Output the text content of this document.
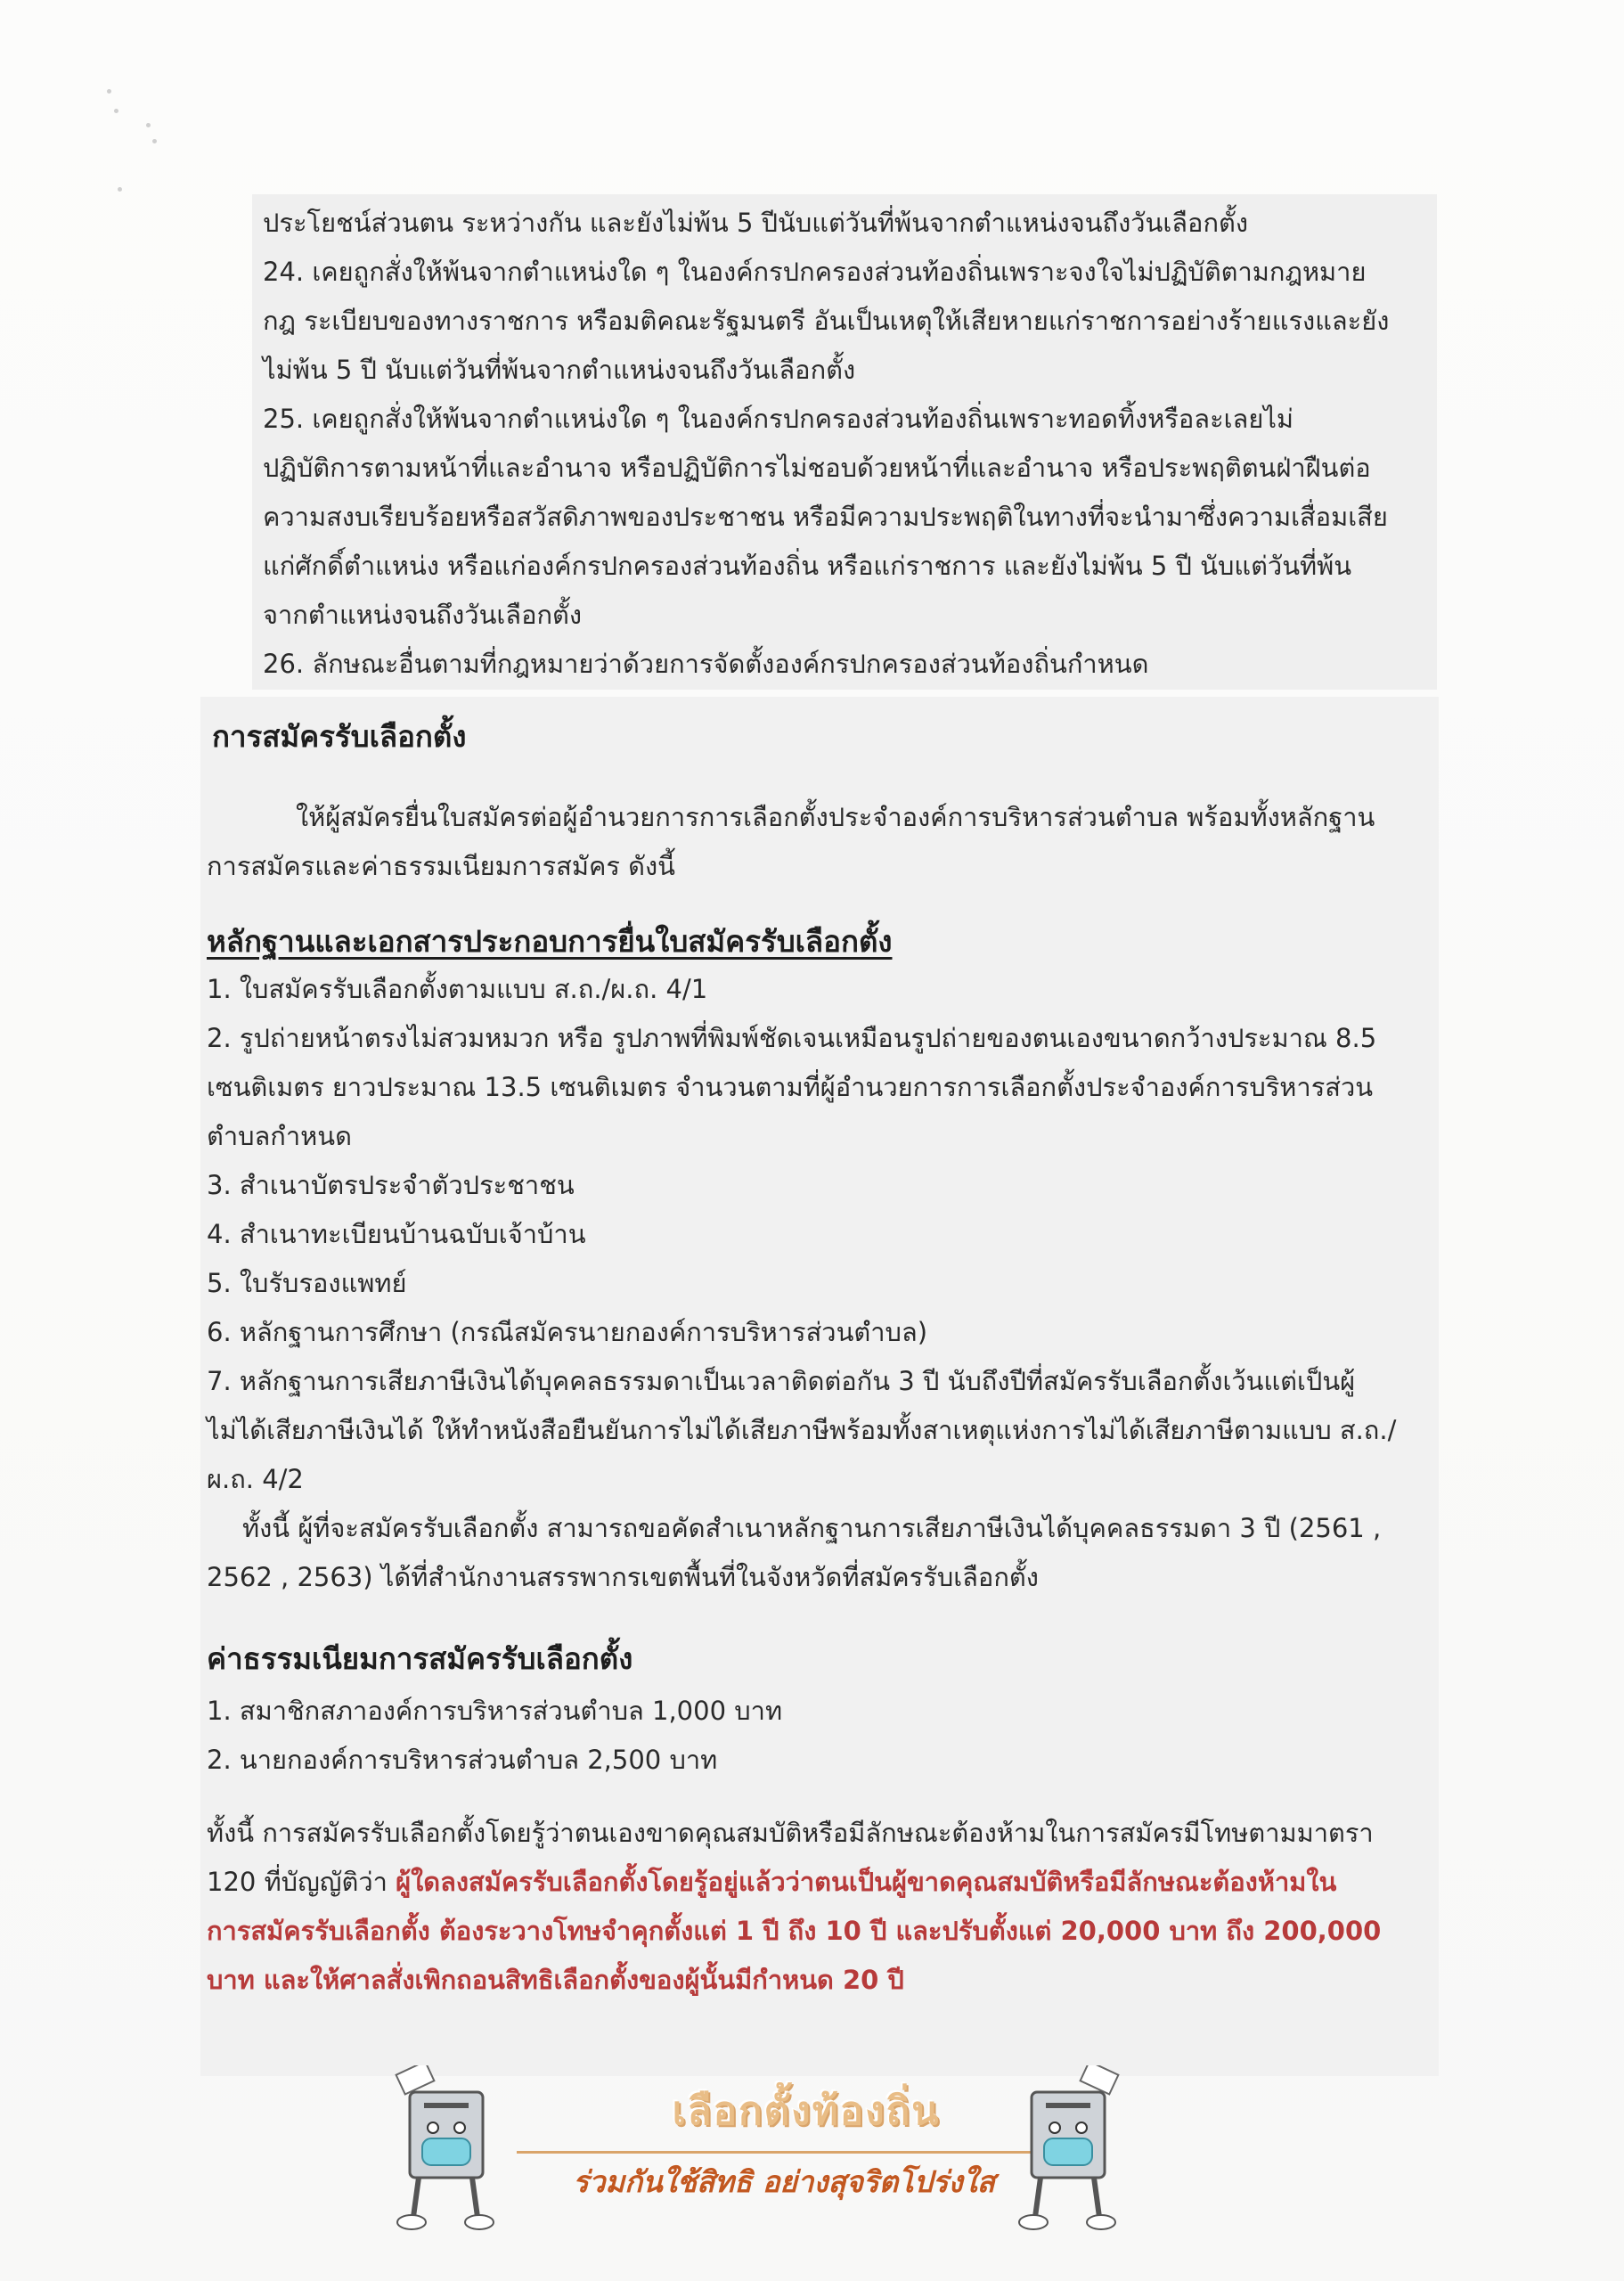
ประโยชน์ส่วนตน ระหว่างกัน และยังไม่พ้น 5 ปีนับแต่วันที่พ้นจากตำแหน่งจนถึงวันเลือกตั้ง
24. เคยถูกสั่งให้พ้นจากตำแหน่งใด ๆ ในองค์กรปกครองส่วนท้องถิ่นเพราะจงใจไม่ปฏิบัติตามกฎหมาย
กฎ ระเบียบของทางราชการ หรือมติคณะรัฐมนตรี อันเป็นเหตุให้เสียหายแก่ราชการอย่างร้ายแรงและยัง
ไม่พ้น 5 ปี นับแต่วันที่พ้นจากตำแหน่งจนถึงวันเลือกตั้ง
25. เคยถูกสั่งให้พ้นจากตำแหน่งใด ๆ ในองค์กรปกครองส่วนท้องถิ่นเพราะทอดทิ้งหรือละเลยไม่
ปฏิบัติการตามหน้าที่และอำนาจ หรือปฏิบัติการไม่ชอบด้วยหน้าที่และอำนาจ หรือประพฤติตนฝ่าฝืนต่อ
ความสงบเรียบร้อยหรือสวัสดิภาพของประชาชน หรือมีความประพฤติในทางที่จะนำมาซึ่งความเสื่อมเสีย
แก่ศักดิ์ตำแหน่ง หรือแก่องค์กรปกครองส่วนท้องถิ่น หรือแก่ราชการ และยังไม่พ้น 5 ปี นับแต่วันที่พ้น
จากตำแหน่งจนถึงวันเลือกตั้ง
26. ลักษณะอื่นตามที่กฎหมายว่าด้วยการจัดตั้งองค์กรปกครองส่วนท้องถิ่นกำหนด
การสมัครรับเลือกตั้ง
ให้ผู้สมัครยื่นใบสมัครต่อผู้อำนวยการการเลือกตั้งประจำองค์การบริหารส่วนตำบล พร้อมทั้งหลักฐาน
การสมัครและค่าธรรมเนียมการสมัคร ดังนี้
หลักฐานและเอกสารประกอบการยื่นใบสมัครรับเลือกตั้ง
1. ใบสมัครรับเลือกตั้งตามแบบ ส.ถ./ผ.ถ. 4/1
2. รูปถ่ายหน้าตรงไม่สวมหมวก หรือ รูปภาพที่พิมพ์ชัดเจนเหมือนรูปถ่ายของตนเองขนาดกว้างประมาณ 8.5
เซนติเมตร ยาวประมาณ 13.5 เซนติเมตร จำนวนตามที่ผู้อำนวยการการเลือกตั้งประจำองค์การบริหารส่วน
ตำบลกำหนด
3. สำเนาบัตรประจำตัวประชาชน
4. สำเนาทะเบียนบ้านฉบับเจ้าบ้าน
5. ใบรับรองแพทย์
6. หลักฐานการศึกษา (กรณีสมัครนายกองค์การบริหารส่วนตำบล)
7. หลักฐานการเสียภาษีเงินได้บุคคลธรรมดาเป็นเวลาติดต่อกัน 3 ปี นับถึงปีที่สมัครรับเลือกตั้งเว้นแต่เป็นผู้
ไม่ได้เสียภาษีเงินได้ ให้ทำหนังสือยืนยันการไม่ได้เสียภาษีพร้อมทั้งสาเหตุแห่งการไม่ได้เสียภาษีตามแบบ ส.ถ./
ผ.ถ. 4/2
ทั้งนี้ ผู้ที่จะสมัครรับเลือกตั้ง สามารถขอคัดสำเนาหลักฐานการเสียภาษีเงินได้บุคคลธรรมดา 3 ปี (2561 ,
2562 , 2563) ได้ที่สำนักงานสรรพากรเขตพื้นที่ในจังหวัดที่สมัครรับเลือกตั้ง
ค่าธรรมเนียมการสมัครรับเลือกตั้ง
1. สมาชิกสภาองค์การบริหารส่วนตำบล 1,000 บาท
2. นายกองค์การบริหารส่วนตำบล 2,500 บาท
ทั้งนี้ การสมัครรับเลือกตั้งโดยรู้ว่าตนเองขาดคุณสมบัติหรือมีลักษณะต้องห้ามในการสมัครมีโทษตามมาตรา
120 ที่บัญญัติว่า ผู้ใดลงสมัครรับเลือกตั้งโดยรู้อยู่แล้วว่าตนเป็นผู้ขาดคุณสมบัติหรือมีลักษณะต้องห้ามใน
การสมัครรับเลือกตั้ง ต้องระวางโทษจำคุกตั้งแต่ 1 ปี ถึง 10 ปี และปรับตั้งแต่ 20,000 บาท ถึง 200,000
บาท และให้ศาลสั่งเพิกถอนสิทธิเลือกตั้งของผู้นั้นมีกำหนด 20 ปี
เลือกตั้งท้องถิ่น
ร่วมกันใช้สิทธิ อย่างสุจริตโปร่งใส
